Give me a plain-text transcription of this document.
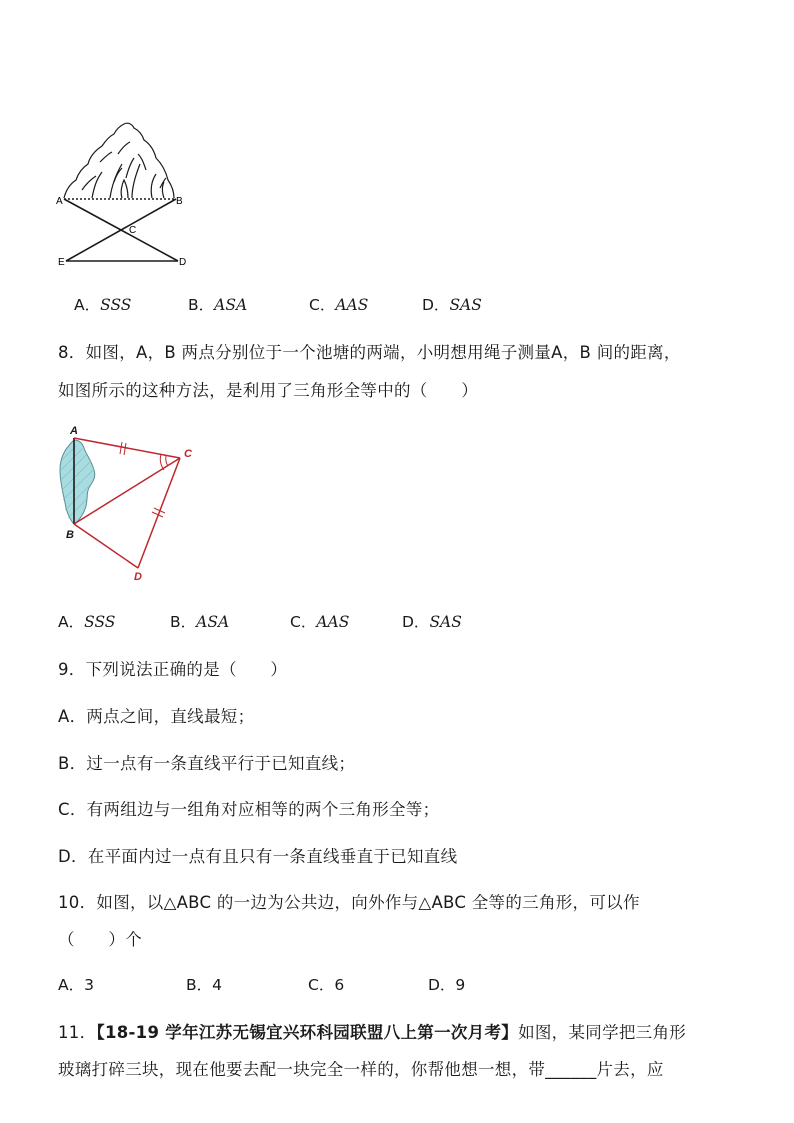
A	B
C
E	D
A．SSS	B．ASA	C．AAS	D．SAS
8．如图，A，B 两点分别位于一个池塘的两端，小明想用绳子测量A，B 间的距离，
如图所示的这种方法，是利用了三角形全等中的（　　）
A
B
C
D
A．SSS	B．ASA	C．AAS	D．SAS
9．下列说法正确的是（　　）
A．两点之间，直线最短；
B．过一点有一条直线平行于已知直线；
C．有两组边与一组角对应相等的两个三角形全等；
D．在平面内过一点有且只有一条直线垂直于已知直线
10．如图，以△ABC 的一边为公共边，向外作与△ABC 全等的三角形，可以作
（　　）个
A．3	B．4	C．6	D．9
11．【18-19 学年江苏无锡宜兴环科园联盟八上第一次月考】如图，某同学把三角形
玻璃打碎三块，现在他要去配一块完全一样的，你帮他想一想，带______片去，应
